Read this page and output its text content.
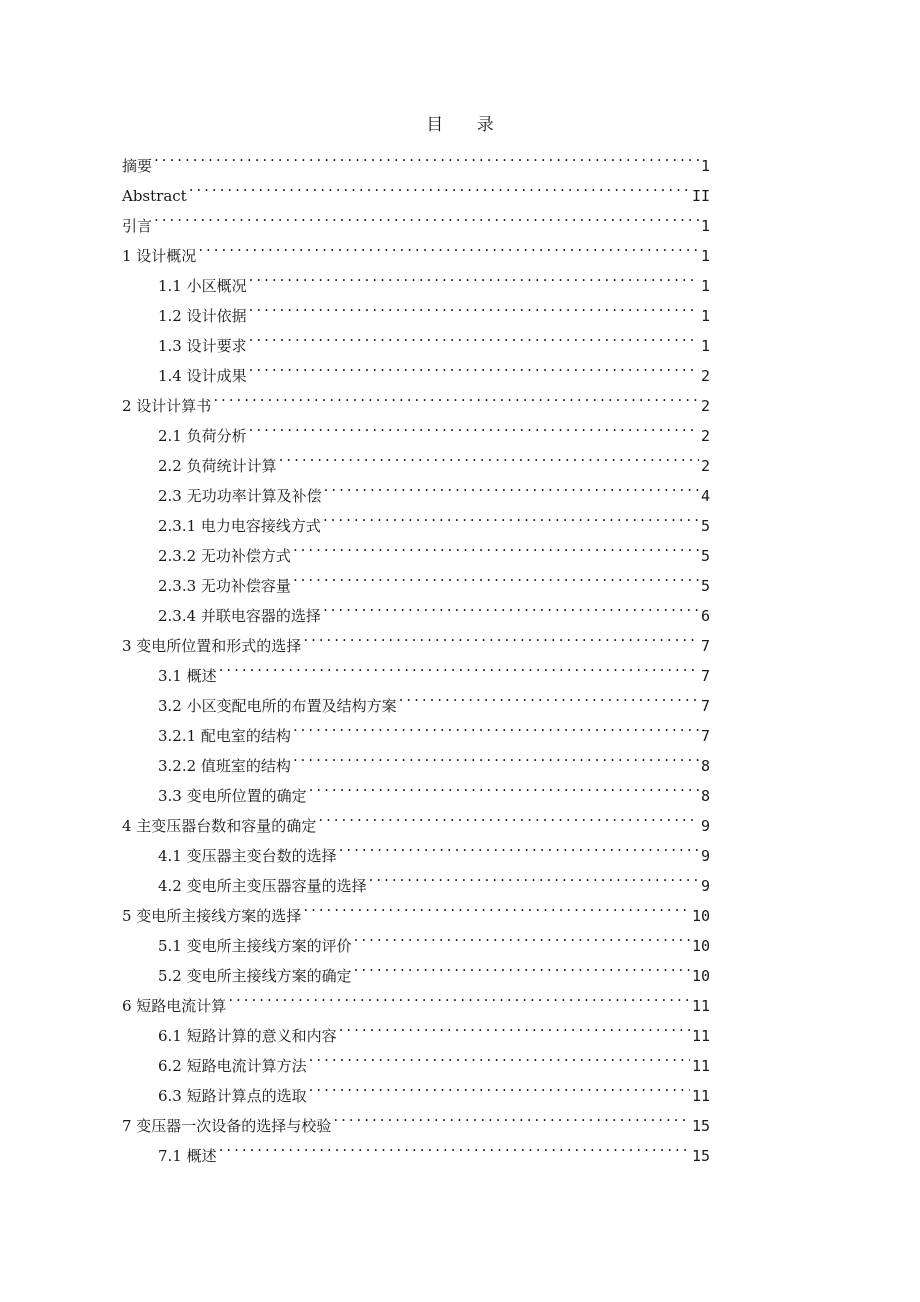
目 录
摘要 . . .	1
Abstract . . .	II
引言 . . .	1
1 设计概况 . . .	1
1.1 小区概况 . . .	1
1.2 设计依据 . . .	1
1.3 设计要求 . . .	1
1.4 设计成果 . . .	2
2 设计计算书 . . .	2
2.1 负荷分析 . . .	2
2.2 负荷统计计算 . . .	2
2.3 无功功率计算及补偿 . . .	4
2.3.1 电力电容接线方式 . . .	5
2.3.2 无功补偿方式 . . .	5
2.3.3 无功补偿容量 . . .	5
2.3.4 并联电容器的选择 . . .	6
3 变电所位置和形式的选择 . . .	7
3.1 概述 . . .	7
3.2 小区变配电所的布置及结构方案 . . .	7
3.2.1 配电室的结构 . . .	7
3.2.2 值班室的结构 . . .	8
3.3 变电所位置的确定 . . .	8
4 主变压器台数和容量的确定 . . .	9
4.1 变压器主变台数的选择 . . .	9
4.2 变电所主变压器容量的选择 . . .	9
5 变电所主接线方案的选择 . . .	10
5.1 变电所主接线方案的评价 . . .	10
5.2 变电所主接线方案的确定 . . .	10
6 短路电流计算 . . .	11
6.1 短路计算的意义和内容 . . .	11
6.2 短路电流计算方法 . . .	11
6.3 短路计算点的选取 . . .	11
7 变压器一次设备的选择与校验 . . .	15
7.1 概述 . . .	15
